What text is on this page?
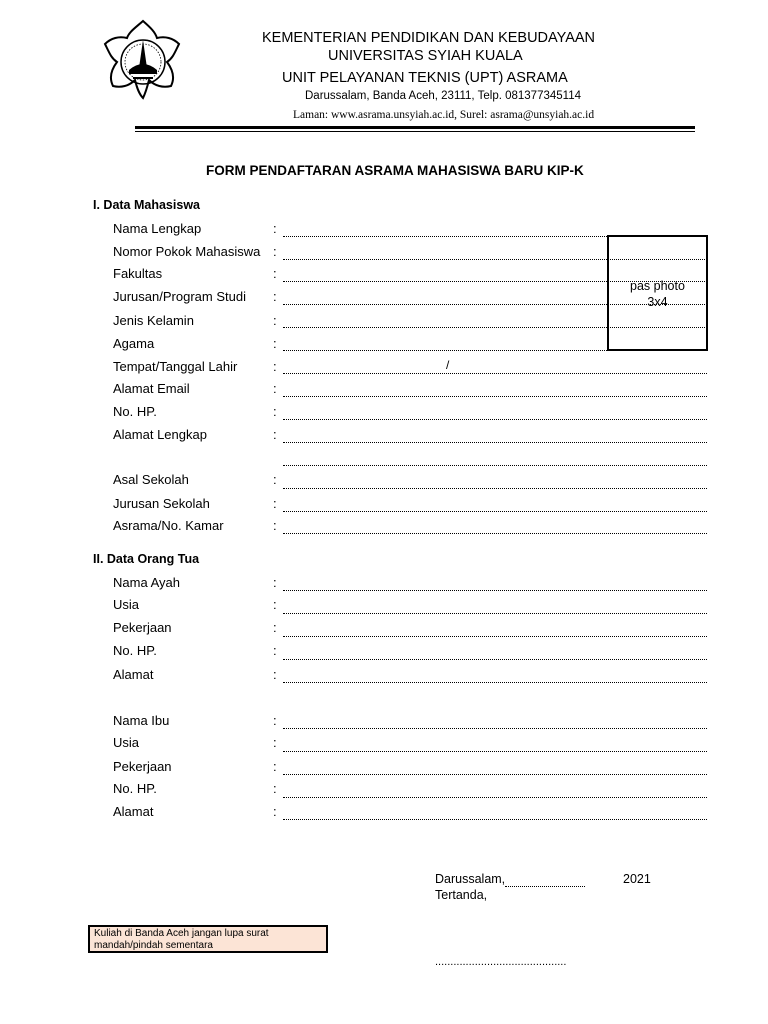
KEMENTERIAN PENDIDIKAN DAN KEBUDAYAAN
UNIVERSITAS SYIAH KUALA
UNIT PELAYANAN TEKNIS (UPT) ASRAMA
Darussalam, Banda Aceh, 23111, Telp. 081377345114
Laman: www.asrama.unsyiah.ac.id, Surel: asrama@unsyiah.ac.id
FORM PENDAFTARAN ASRAMA MAHASISWA BARU KIP-K
I. Data Mahasiswa
pas photo
3x4
Nama Lengkap	:
Nomor Pokok Mahasiswa :
Fakultas	:
Jurusan/Program Studi :
Jenis Kelamin	:
Agama	:
Tempat/Tanggal Lahir	:	/
Alamat Email	:
No. HP.	:
Alamat Lengkap	:
Asal Sekolah	:
Jurusan Sekolah	:
Asrama/No. Kamar	:
II. Data Orang Tua
Nama Ayah	:
Usia	:
Pekerjaan	:
No. HP.	:
Alamat	:
Nama Ibu	:
Usia	:
Pekerjaan	:
No. HP.	:
Alamat	:
Darussalam,	2021
Tertanda,
...........................................
Kuliah di Banda Aceh jangan lupa surat
mandah/pindah sementara
